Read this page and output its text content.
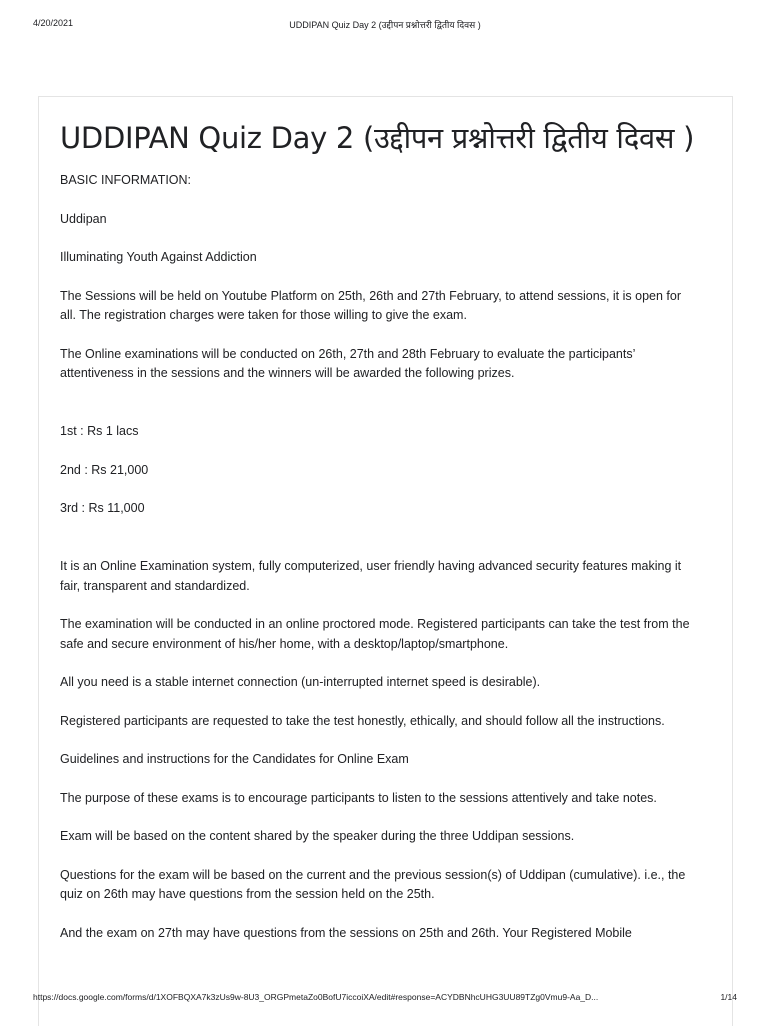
4/20/2021	UDDIPAN Quiz Day 2 (उद्दीपन प्रश्नोत्तरी द्वितीय दिवस )
UDDIPAN Quiz Day 2 (उद्दीपन प्रश्नोत्तरी द्वितीय दिवस )

BASIC INFORMATION:

Uddipan

Illuminating Youth Against Addiction

The Sessions will be held on Youtube Platform on 25th, 26th and 27th February, to attend sessions, it is open for all. The registration charges were taken for those willing to give the exam.

The Online examinations will be conducted on 26th, 27th and 28th February to evaluate the participants’ attentiveness in the sessions and the winners will be awarded the following prizes.

1st : Rs 1 lacs

2nd : Rs 21,000

3rd : Rs 11,000

It is an Online Examination system, fully computerized, user friendly having advanced security features making it fair, transparent and standardized.

The examination will be conducted in an online proctored mode. Registered participants can take the test from the safe and secure environment of his/her home, with a desktop/laptop/smartphone.

All you need is a stable internet connection (un-interrupted internet speed is desirable).

Registered participants are requested to take the test honestly, ethically, and should follow all the instructions.

Guidelines and instructions for the Candidates for Online Exam

The purpose of these exams is to encourage participants to listen to the sessions attentively and take notes.

Exam will be based on the content shared by the speaker during the three Uddipan sessions.

Questions for the exam will be based on the current and the previous session(s) of Uddipan (cumulative). i.e., the quiz on 26th may have questions from the session held on the 25th.

And the exam on 27th may have questions from the sessions on 25th and 26th. Your Registered Mobile

https://docs.google.com/forms/d/1XOFBQXA7k3zUs9w-8U3_ORGPmetaZo0BofU7iccoiXA/edit#response=ACYDBNhcUHG3UU89TZg0Vmu9-Aa_D...	1/14
